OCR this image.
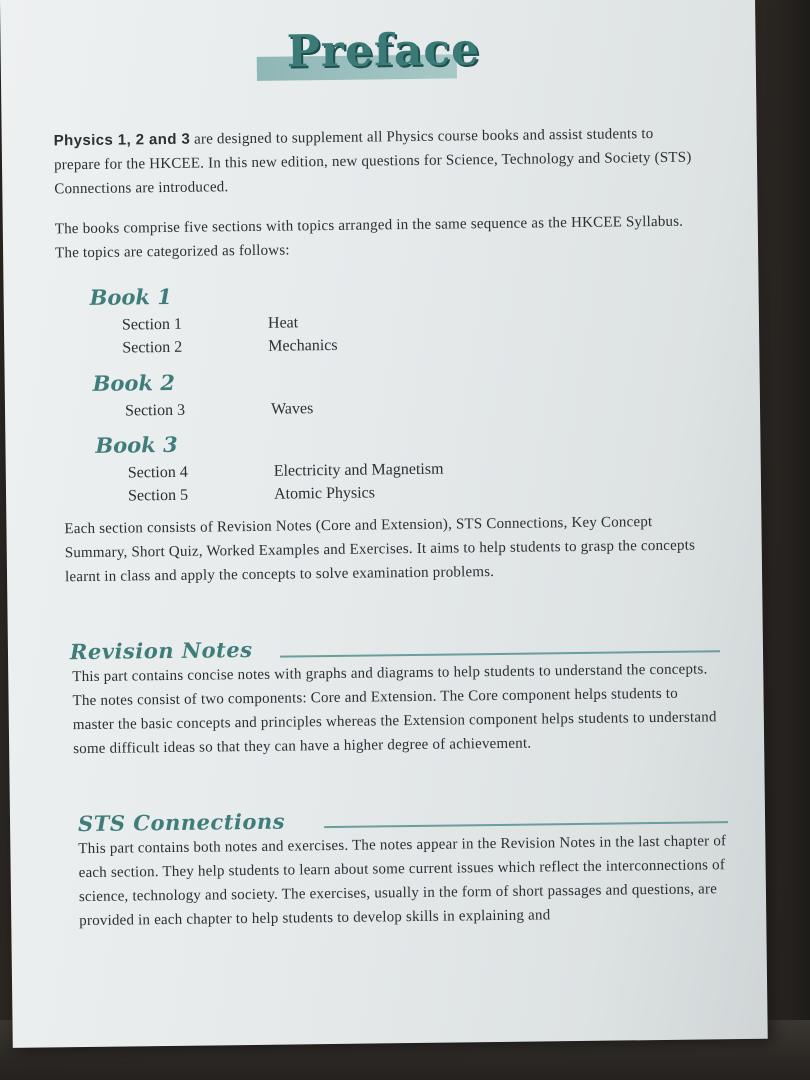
Preface

Physics 1, 2 and 3 are designed to supplement all Physics course books and assist students to prepare for the HKCEE. In this new edition, new questions for Science, Technology and Society (STS) Connections are introduced.

The books comprise five sections with topics arranged in the same sequence as the HKCEE Syllabus. The topics are categorized as follows:

Book 1
Section 1	Heat
Section 2	Mechanics
Book 2
Section 3	Waves
Book 3
Section 4	Electricity and Magnetism
Section 5	Atomic Physics

Each section consists of Revision Notes (Core and Extension), STS Connections, Key Concept Summary, Short Quiz, Worked Examples and Exercises. It aims to help students to grasp the concepts learnt in class and apply the concepts to solve examination problems.

Revision Notes

This part contains concise notes with graphs and diagrams to help students to understand the concepts. The notes consist of two components: Core and Extension. The Core component helps students to master the basic concepts and principles whereas the Extension component helps students to understand some difficult ideas so that they can have a higher degree of achievement.

STS Connections

This part contains both notes and exercises. The notes appear in the Revision Notes in the last chapter of each section. They help students to learn about some current issues which reflect the interconnections of science, technology and society. The exercises, usually in the form of short passages and questions, are provided in each chapter to help students to develop skills in explaining and
